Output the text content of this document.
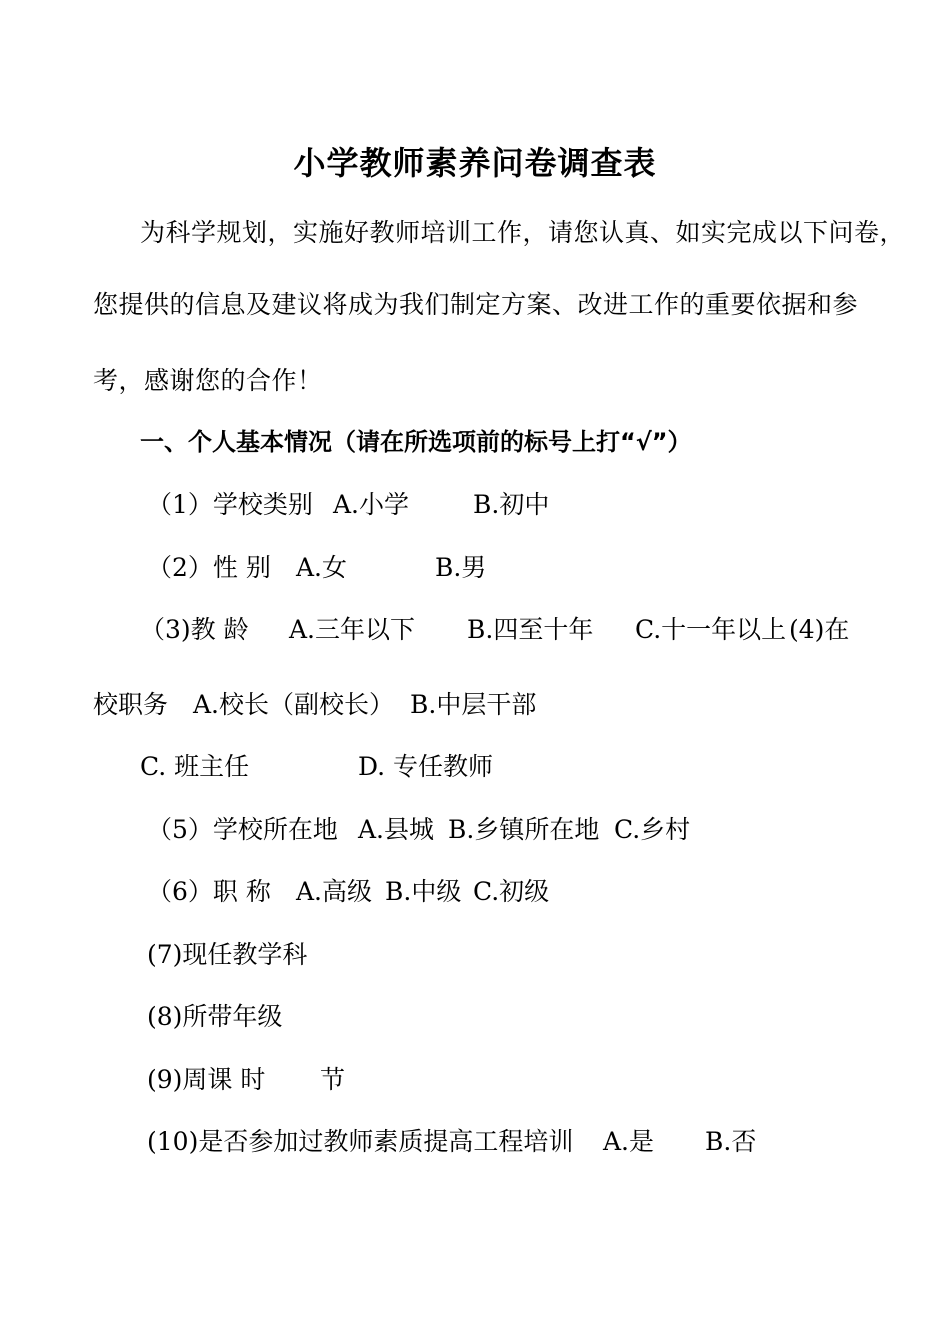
小学教师素养问卷调查表
为科学规划，实施好教师培训工作，请您认真、如实完成以下问卷，
您提供的信息及建议将成为我们制定方案、改进工作的重要依据和参
考，感谢您的合作！
一、个人基本情况（请在所选项前的标号上打“√”）
（1）学校类别 A.小学	B.初中
（2）性 别 A.女	B.男
（3)教 龄 A.三年以下 B.四至十年 C.十一年以上 (4)在
校职务 A.校长（副校长） B.中层干部
C. 班主任	D. 专任教师
（5）学校所在地 A.县城 B.乡镇所在地 C.乡村
（6）职 称 A.高级 B.中级 C.初级
(7)现任教学科
(8)所带年级
(9)周课 时 节
(10)是否参加过教师素质提高工程培训 A.是 B.否
